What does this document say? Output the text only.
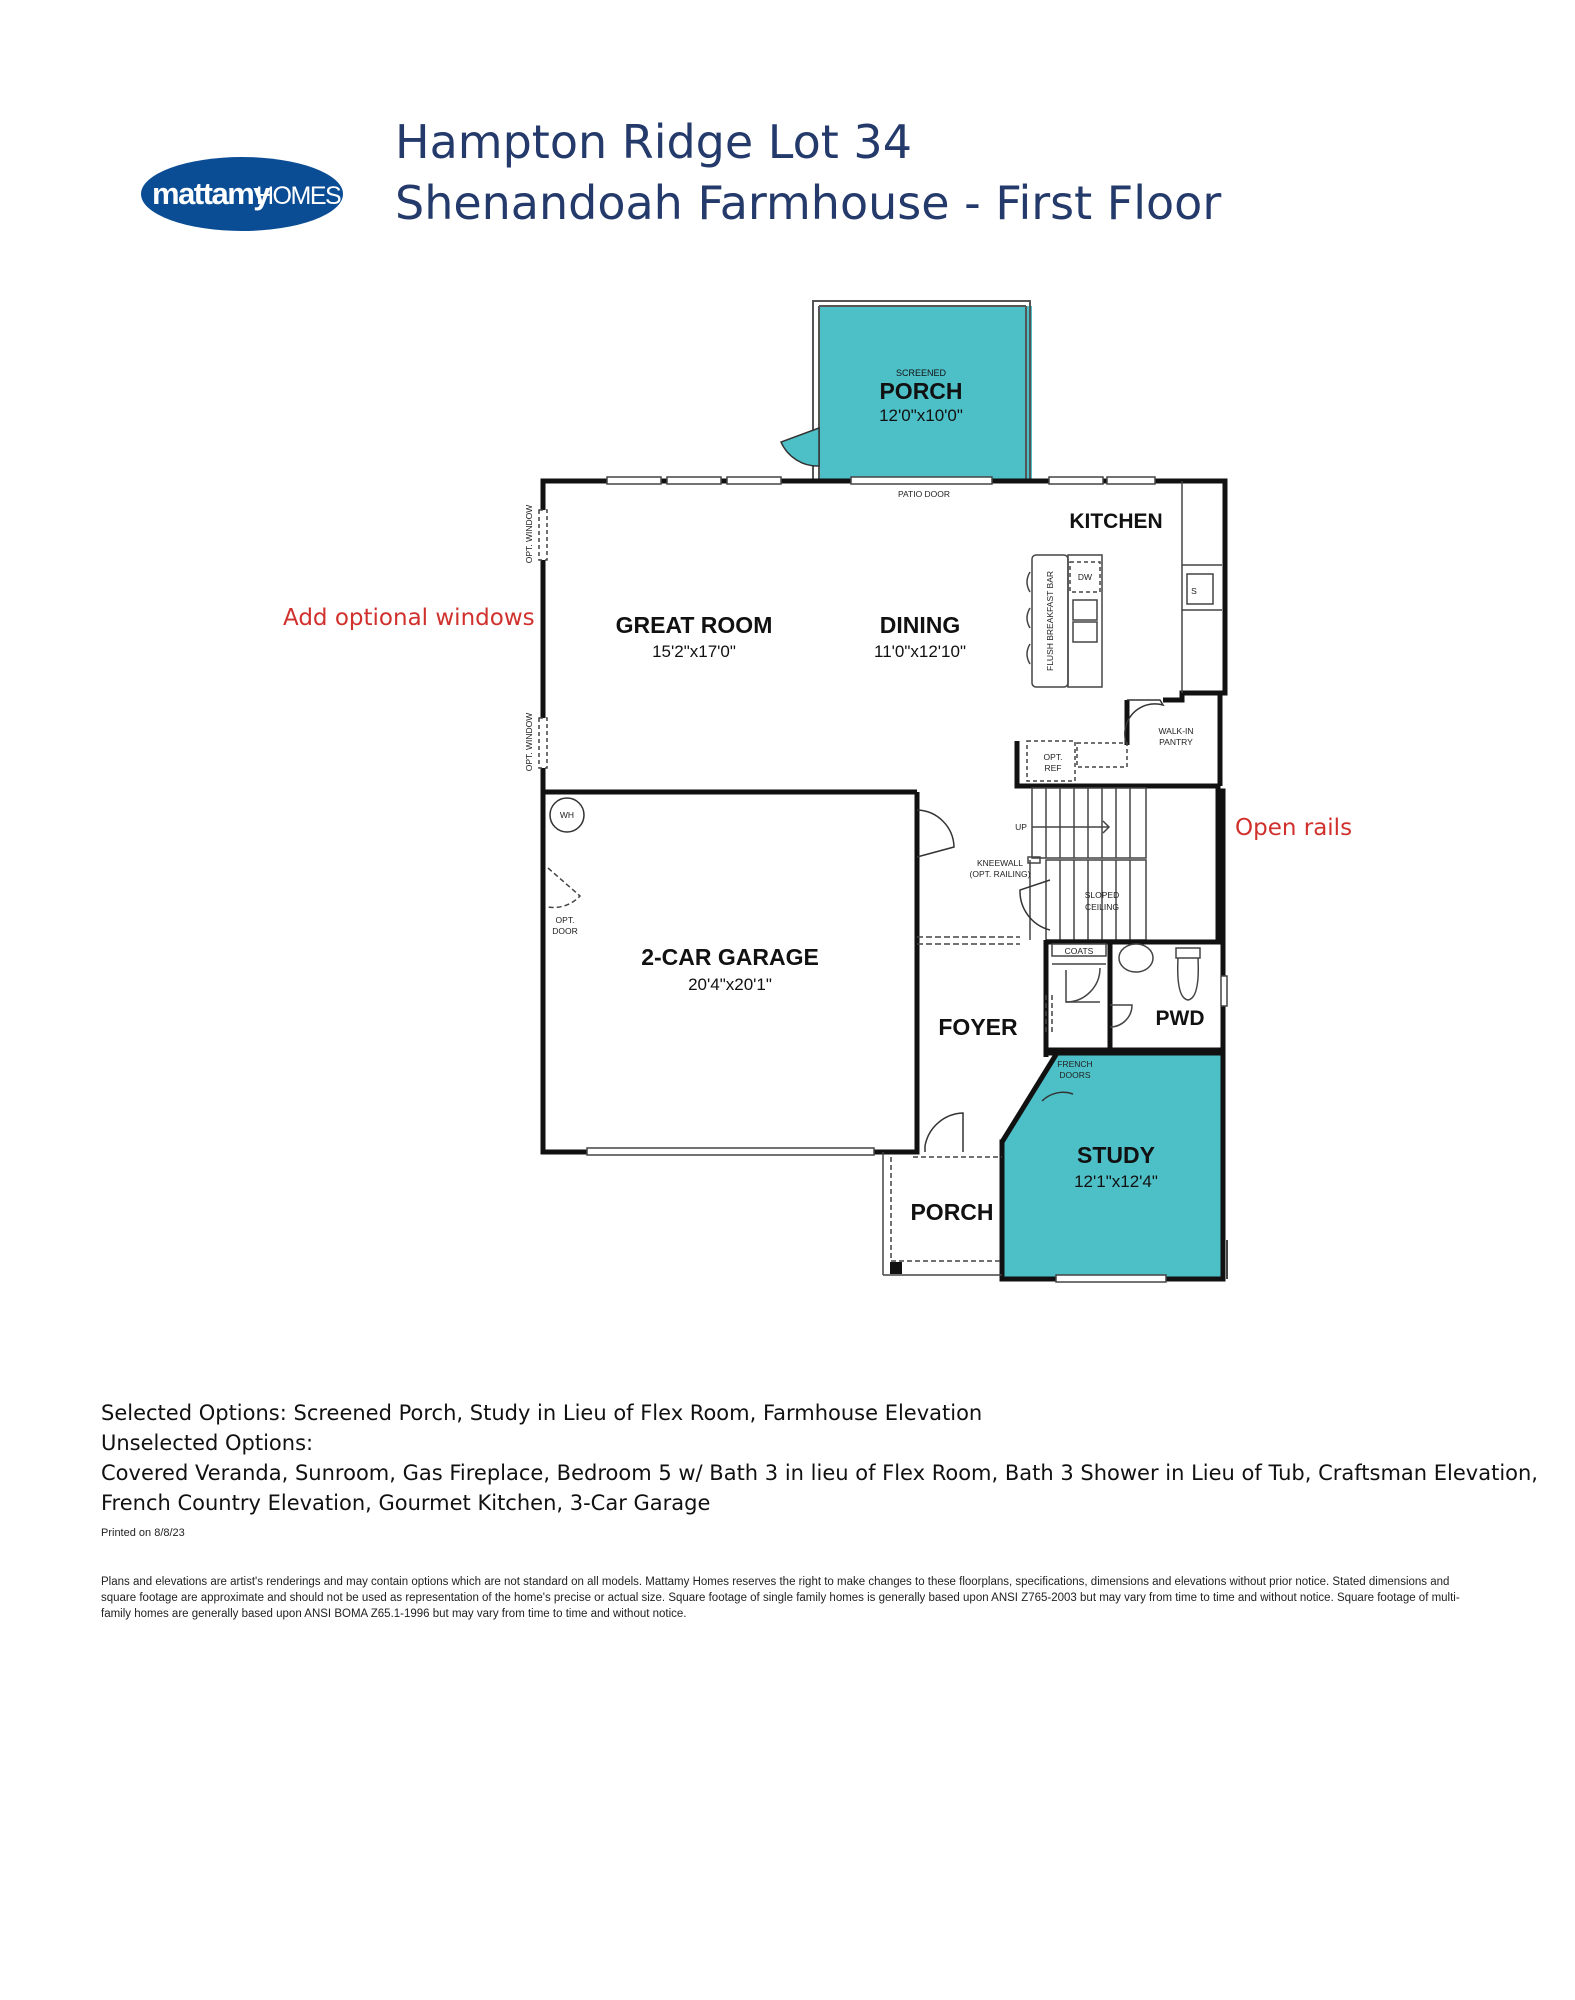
mattamy
HOMES
Hampton Ridge Lot 34
Shenandoah Farmhouse - First Floor
SCREENED
PORCH
12'0"x10'0"
KITCHEN
GREAT ROOM
15'2"x17'0"
DINING
11'0"x12'10"
2-CAR GARAGE
20'4"x20'1"
FOYER	PWD
STUDY
12'1"x12'4"
PORCH
PATIO DOOR
OPT. WINDOW
OPT. WINDOW
FLUSH BREAKFAST BAR	DW
S
WALK-IN
PANTRY
OPT.
REF
UP
KNEEWALL
(OPT. RAILING)
SLOPED
CEILING
WH
OPT.
DOOR
COATS
FRENCH
DOORS
Add optional windows
Open rails
Selected Options: Screened Porch, Study in Lieu of Flex Room, Farmhouse Elevation
Unselected Options:
Covered Veranda, Sunroom, Gas Fireplace, Bedroom 5 w/ Bath 3 in lieu of Flex Room, Bath 3 Shower in Lieu of Tub, Craftsman Elevation,
French Country Elevation, Gourmet Kitchen, 3-Car Garage
Printed on 8/8/23
Plans and elevations are artist's renderings and may contain options which are not standard on all models. Mattamy Homes reserves the right to make changes to these floorplans, specifications, dimensions and elevations without prior notice. Stated dimensions and square footage are approximate and should not be used as representation of the home's precise or actual size. Square footage of single family homes is generally based upon ANSI Z765-2003 but may vary from time to time and without notice. Square footage of multi-family homes are generally based upon ANSI BOMA Z65.1-1996 but may vary from time to time and without notice.
